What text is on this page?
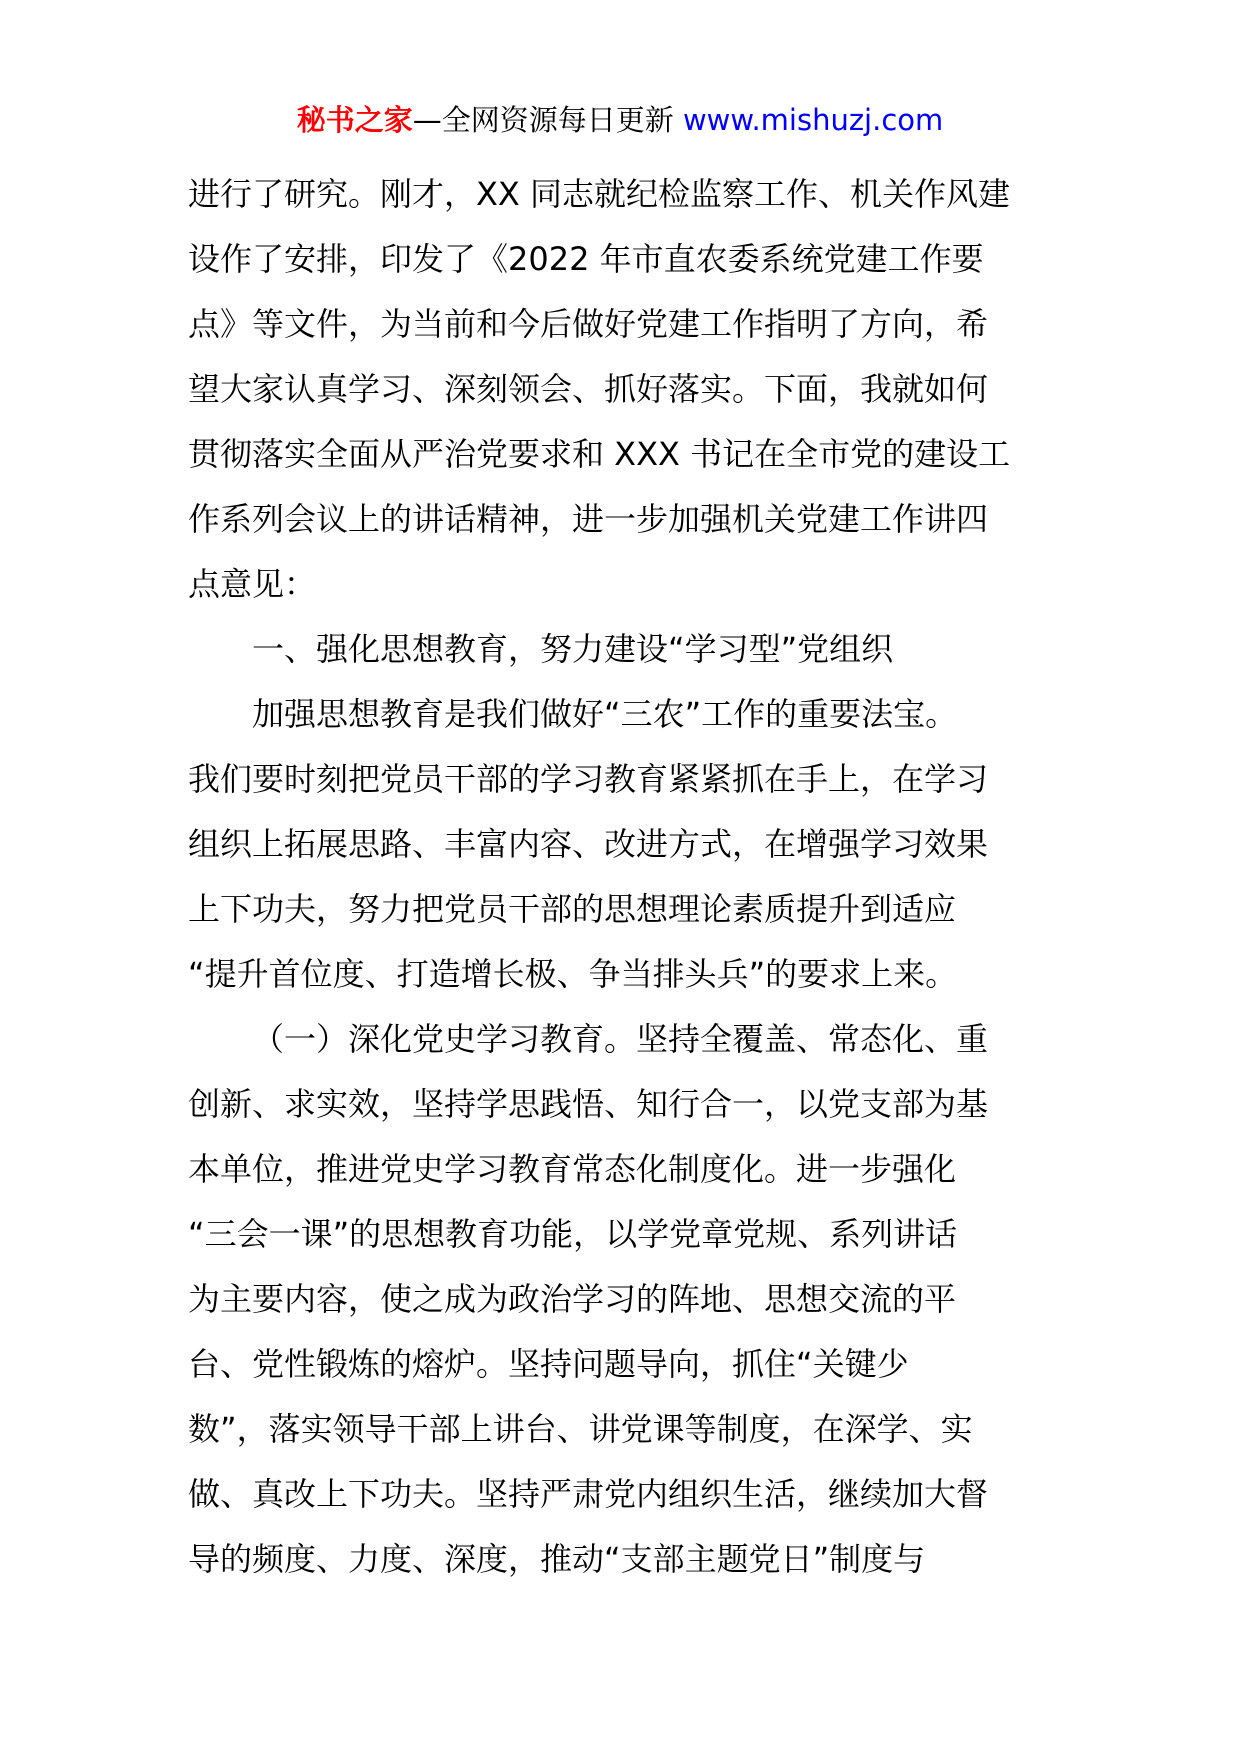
秘书之家—全网资源每日更新 www.mishuzj.com
进行了研究。刚才，XX 同志就纪检监察工作、机关作风建
设作了安排，印发了《2022 年市直农委系统党建工作要
点》等文件，为当前和今后做好党建工作指明了方向，希
望大家认真学习、深刻领会、抓好落实。下面，我就如何
贯彻落实全面从严治党要求和 XXX 书记在全市党的建设工
作系列会议上的讲话精神，进一步加强机关党建工作讲四
点意见：
一、强化思想教育，努力建设“学习型”党组织
加强思想教育是我们做好“三农”工作的重要法宝。
我们要时刻把党员干部的学习教育紧紧抓在手上，在学习
组织上拓展思路、丰富内容、改进方式，在增强学习效果
上下功夫，努力把党员干部的思想理论素质提升到适应
“提升首位度、打造增长极、争当排头兵”的要求上来。
（一）深化党史学习教育。坚持全覆盖、常态化、重
创新、求实效，坚持学思践悟、知行合一，以党支部为基
本单位，推进党史学习教育常态化制度化。进一步强化
“三会一课”的思想教育功能，以学党章党规、系列讲话
为主要内容，使之成为政治学习的阵地、思想交流的平
台、党性锻炼的熔炉。坚持问题导向，抓住“关键少
数”，落实领导干部上讲台、讲党课等制度，在深学、实
做、真改上下功夫。坚持严肃党内组织生活，继续加大督
导的频度、力度、深度，推动“支部主题党日”制度与
